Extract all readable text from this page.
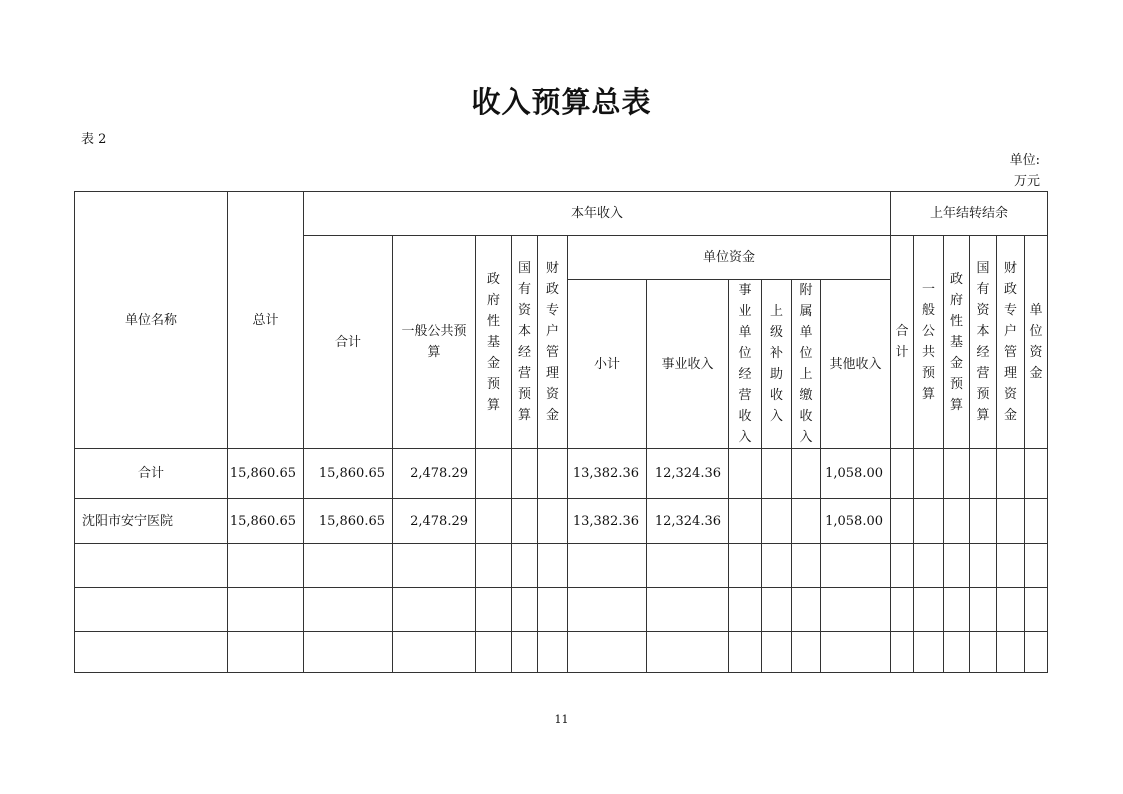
收入预算总表
表 2
单位:
万元
单位名称	总计	本年收入											上年结转结余					
		合计	一般公共预算	政府性基金预算	国有资本经营预算	财政专户管理资金	单位资金						合计	一般公共预算	政府性基金预算	国有资本经营预算	财政专户管理资金	单位资金
							小计	事业收入	事业单位经营收入	上级补助收入	附属单位上缴收入	其他收入						
合计	15,860.65	15,860.65	2,478.29				13,382.36	12,324.36				1,058.00						
沈阳市安宁医院	15,860.65	15,860.65	2,478.29				13,382.36	12,324.36				1,058.00						

11
